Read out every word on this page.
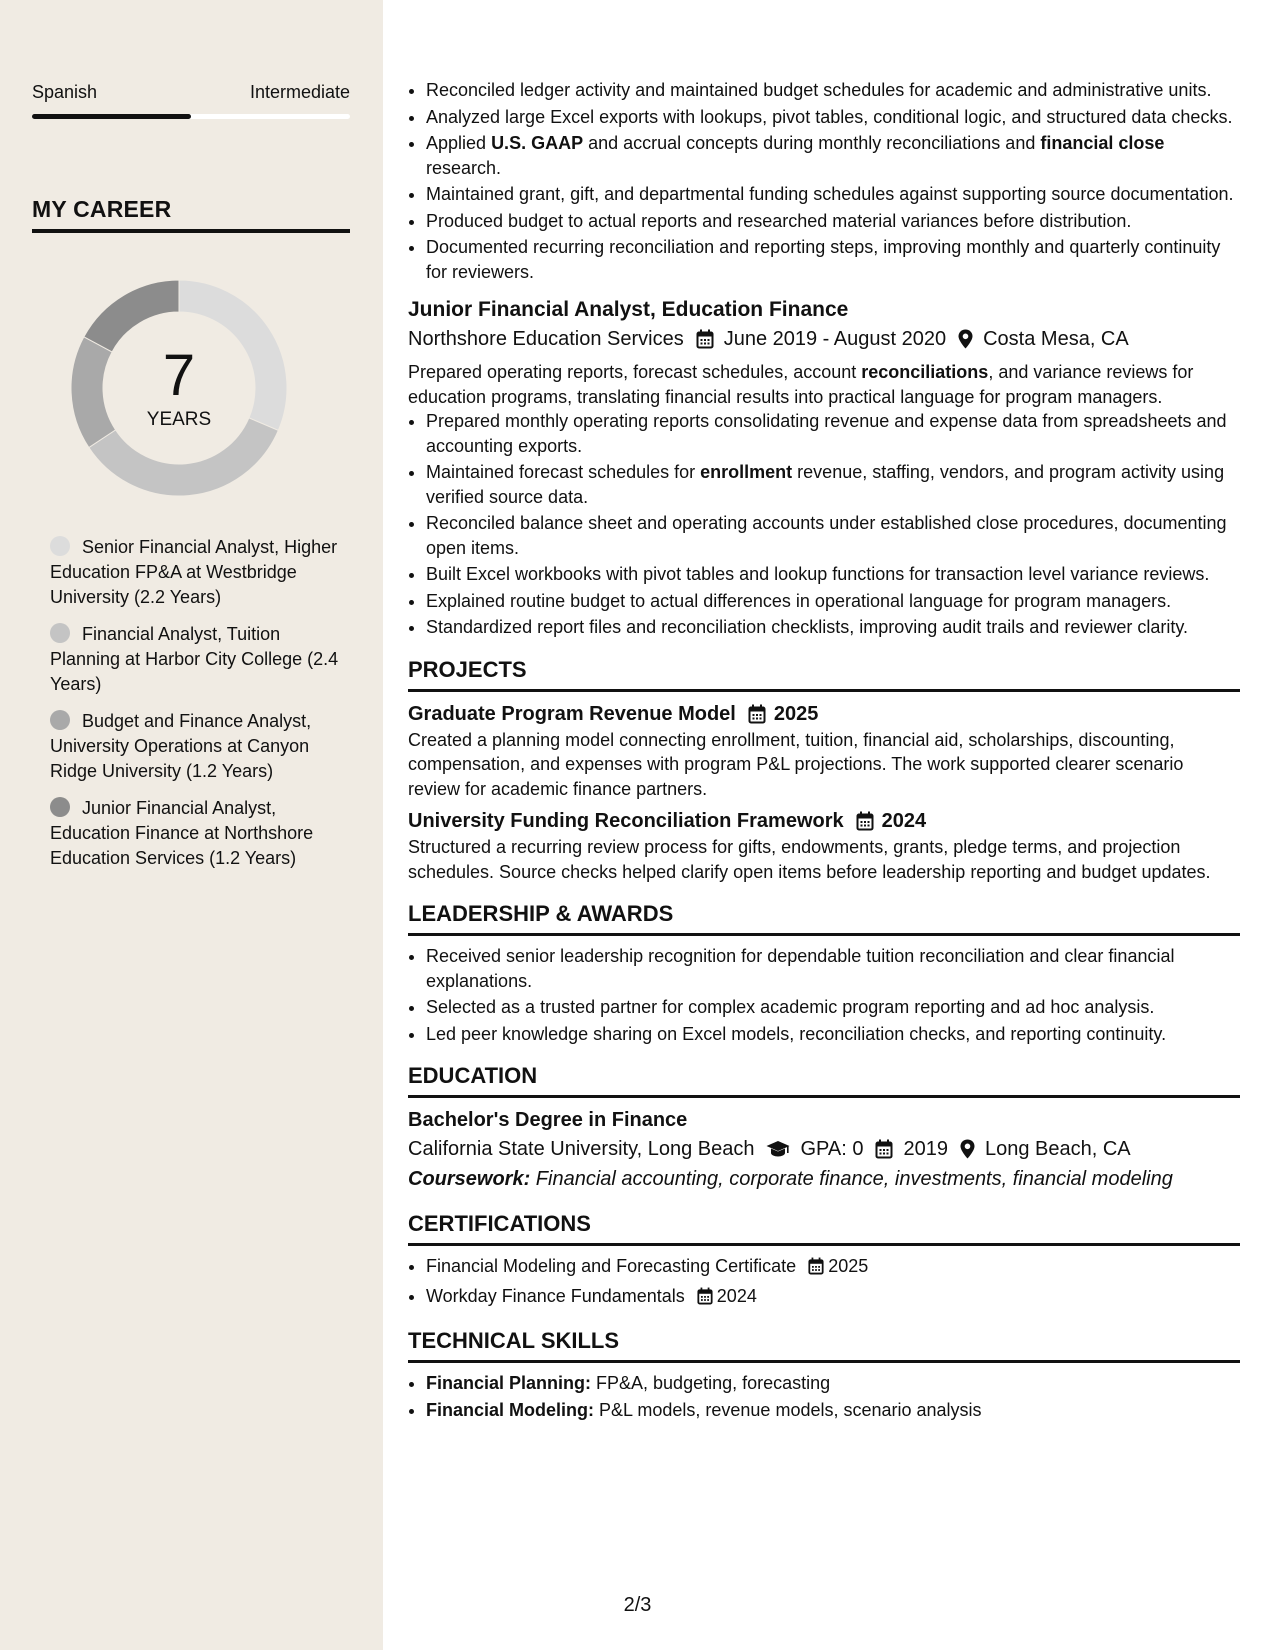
Spanish	Intermediate
MY CAREER
7
YEARS
Senior Financial Analyst, Higher Education FP&A at Westbridge University (2.2 Years)
Financial Analyst, Tuition Planning at Harbor City College (2.4 Years)
Budget and Finance Analyst, University Operations at Canyon Ridge University (1.2 Years)
Junior Financial Analyst, Education Finance at Northshore Education Services (1.2 Years)
• Reconciled ledger activity and maintained budget schedules for academic and administrative units.
• Analyzed large Excel exports with lookups, pivot tables, conditional logic, and structured data checks.
• Applied U.S. GAAP and accrual concepts during monthly reconciliations and financial close research.
• Maintained grant, gift, and departmental funding schedules against supporting source documentation.
• Produced budget to actual reports and researched material variances before distribution.
• Documented recurring reconciliation and reporting steps, improving monthly and quarterly continuity for reviewers.
Junior Financial Analyst, Education Finance
Northshore Education Services June 2019 - August 2020 Costa Mesa, CA
Prepared operating reports, forecast schedules, account reconciliations, and variance reviews for education programs, translating financial results into practical language for program managers.
• Prepared monthly operating reports consolidating revenue and expense data from spreadsheets and accounting exports.
• Maintained forecast schedules for enrollment revenue, staffing, vendors, and program activity using verified source data.
• Reconciled balance sheet and operating accounts under established close procedures, documenting open items.
• Built Excel workbooks with pivot tables and lookup functions for transaction level variance reviews.
• Explained routine budget to actual differences in operational language for program managers.
• Standardized report files and reconciliation checklists, improving audit trails and reviewer clarity.
PROJECTS
Graduate Program Revenue Model 2025
Created a planning model connecting enrollment, tuition, financial aid, scholarships, discounting, compensation, and expenses with program P&L projections. The work supported clearer scenario review for academic finance partners.
University Funding Reconciliation Framework 2024
Structured a recurring review process for gifts, endowments, grants, pledge terms, and projection schedules. Source checks helped clarify open items before leadership reporting and budget updates.
LEADERSHIP & AWARDS
• Received senior leadership recognition for dependable tuition reconciliation and clear financial explanations.
• Selected as a trusted partner for complex academic program reporting and ad hoc analysis.
• Led peer knowledge sharing on Excel models, reconciliation checks, and reporting continuity.
EDUCATION
Bachelor's Degree in Finance
California State University, Long Beach GPA: 0 2019 Long Beach, CA
Coursework: Financial accounting, corporate finance, investments, financial modeling
CERTIFICATIONS
• Financial Modeling and Forecasting Certificate 2025
• Workday Finance Fundamentals 2024
TECHNICAL SKILLS
• Financial Planning: FP&A, budgeting, forecasting
• Financial Modeling: P&L models, revenue models, scenario analysis
2/3
